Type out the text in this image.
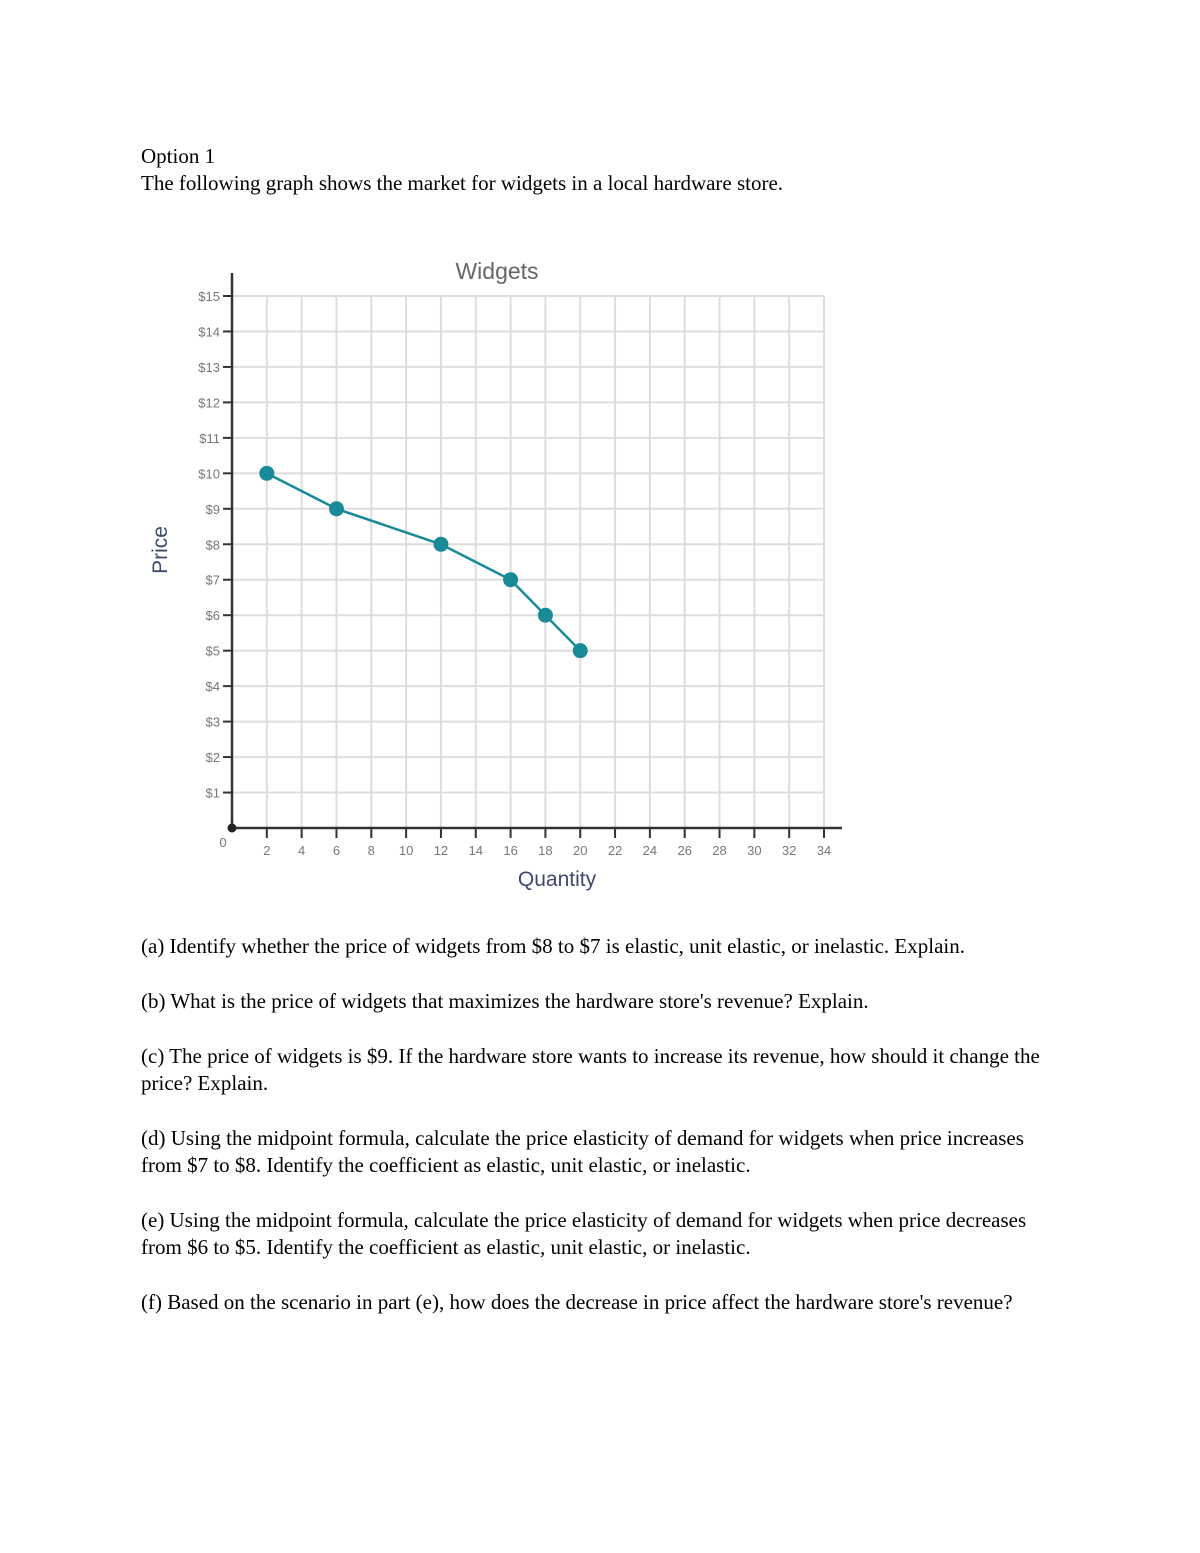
Option 1
The following graph shows the market for widgets in a local hardware store.
$1
$2
$3
$4
$5
$6
$7
$8
$9
$10
$11
$12
$13
$14
$15
2 4 6 8 10 12 14 16 18 20 22 24 26 28 30 32 34
0
Widgets
Quantity
Price

(a) Identify whether the price of widgets from $8 to $7 is elastic, unit elastic, or inelastic. Explain.

(b) What is the price of widgets that maximizes the hardware store's revenue? Explain.

(c) The price of widgets is $9. If the hardware store wants to increase its revenue, how should it change the price? Explain.

(d) Using the midpoint formula, calculate the price elasticity of demand for widgets when price increases from $7 to $8. Identify the coefficient as elastic, unit elastic, or inelastic.

(e) Using the midpoint formula, calculate the price elasticity of demand for widgets when price decreases from $6 to $5. Identify the coefficient as elastic, unit elastic, or inelastic.

(f) Based on the scenario in part (e), how does the decrease in price affect the hardware store's revenue?
